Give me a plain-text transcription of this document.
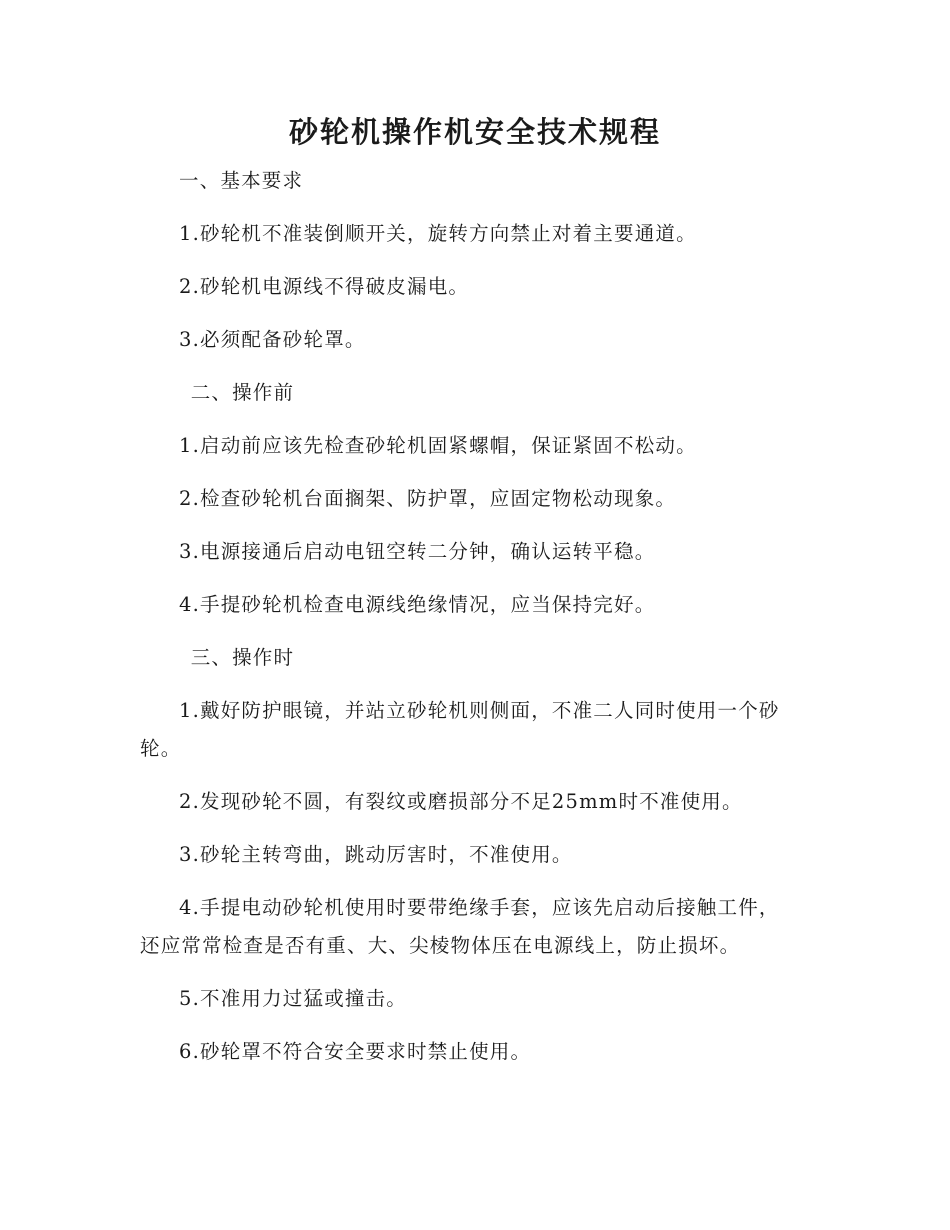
砂轮机操作机安全技术规程

一、基本要求

1.砂轮机不准装倒顺开关，旋转方向禁止对着主要通道。

2.砂轮机电源线不得破皮漏电。

3.必须配备砂轮罩。

二、操作前

1.启动前应该先检查砂轮机固紧螺帽，保证紧固不松动。

2.检查砂轮机台面搁架、防护罩，应固定物松动现象。

3.电源接通后启动电钮空转二分钟，确认运转平稳。

4.手提砂轮机检查电源线绝缘情况，应当保持完好。

三、操作时

1.戴好防护眼镜，并站立砂轮机则侧面，不准二人同时使用一个砂轮。

2.发现砂轮不圆，有裂纹或磨损部分不足25mm时不准使用。

3.砂轮主转弯曲，跳动厉害时，不准使用。

4.手提电动砂轮机使用时要带绝缘手套，应该先启动后接触工件，还应常常检查是否有重、大、尖棱物体压在电源线上，防止损坏。

5.不准用力过猛或撞击。

6.砂轮罩不符合安全要求时禁止使用。
